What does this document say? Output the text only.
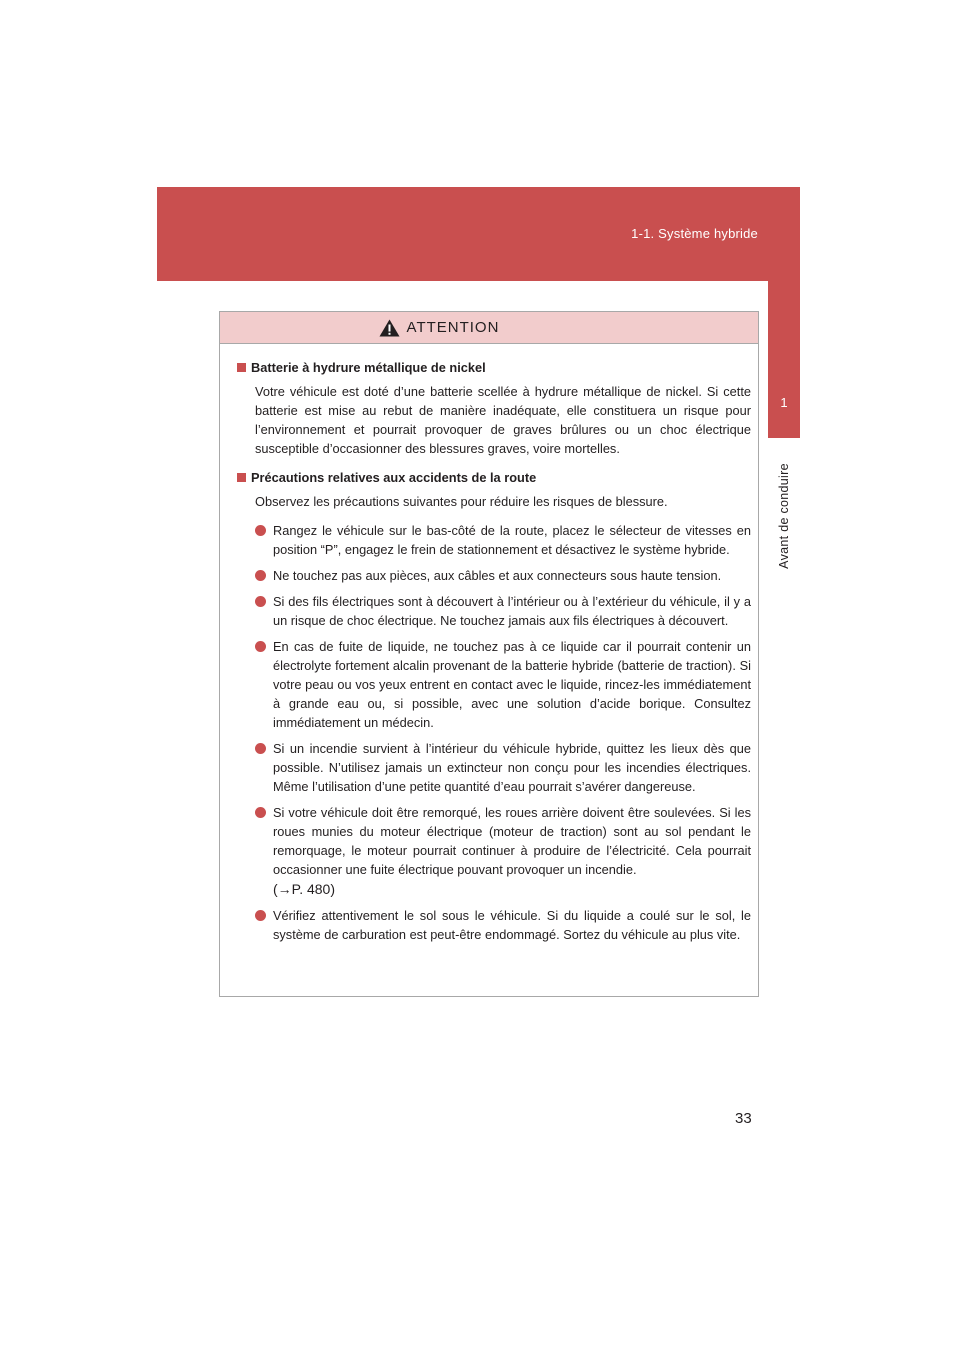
1-1. Système hybride
1
Avant de conduire
ATTENTION
Batterie à hydrure métallique de nickel

Votre véhicule est doté d’une batterie scellée à hydrure métallique de nickel. Si cette batterie est mise au rebut de manière inadéquate, elle constituera un risque pour l’environnement et pourrait provoquer de graves brûlures ou un choc électrique susceptible d’occasionner des blessures graves, voire mortelles.

Précautions relatives aux accidents de la route

Observez les précautions suivantes pour réduire les risques de blessure.

Rangez le véhicule sur le bas-côté de la route, placez le sélecteur de vitesses en position “P”, engagez le frein de stationnement et désactivez le système hybride.
Ne touchez pas aux pièces, aux câbles et aux connecteurs sous haute tension.
Si des fils électriques sont à découvert à l’intérieur ou à l’extérieur du véhicule, il y a un risque de choc électrique. Ne touchez jamais aux fils électriques à découvert.
En cas de fuite de liquide, ne touchez pas à ce liquide car il pourrait contenir un électrolyte fortement alcalin provenant de la batterie hybride (batterie de traction). Si votre peau ou vos yeux entrent en contact avec le liquide, rincez-les immédiatement à grande eau ou, si possible, avec une solution d’acide borique. Consultez immédiatement un médecin.
Si un incendie survient à l’intérieur du véhicule hybride, quittez les lieux dès que possible. N’utilisez jamais un extincteur non conçu pour les incendies électriques. Même l’utilisation d’une petite quantité d’eau pourrait s’avérer dangereuse.
Si votre véhicule doit être remorqué, les roues arrière doivent être soulevées. Si les roues munies du moteur électrique (moteur de traction) sont au sol pendant le remorquage, le moteur pourrait continuer à produire de l’électricité. Cela pourrait occasionner une fuite électrique pouvant provoquer un incendie.
(→P. 480)
Vérifiez attentivement le sol sous le véhicule. Si du liquide a coulé sur le sol, le système de carburation est peut-être endommagé. Sortez du véhicule au plus vite.
33
